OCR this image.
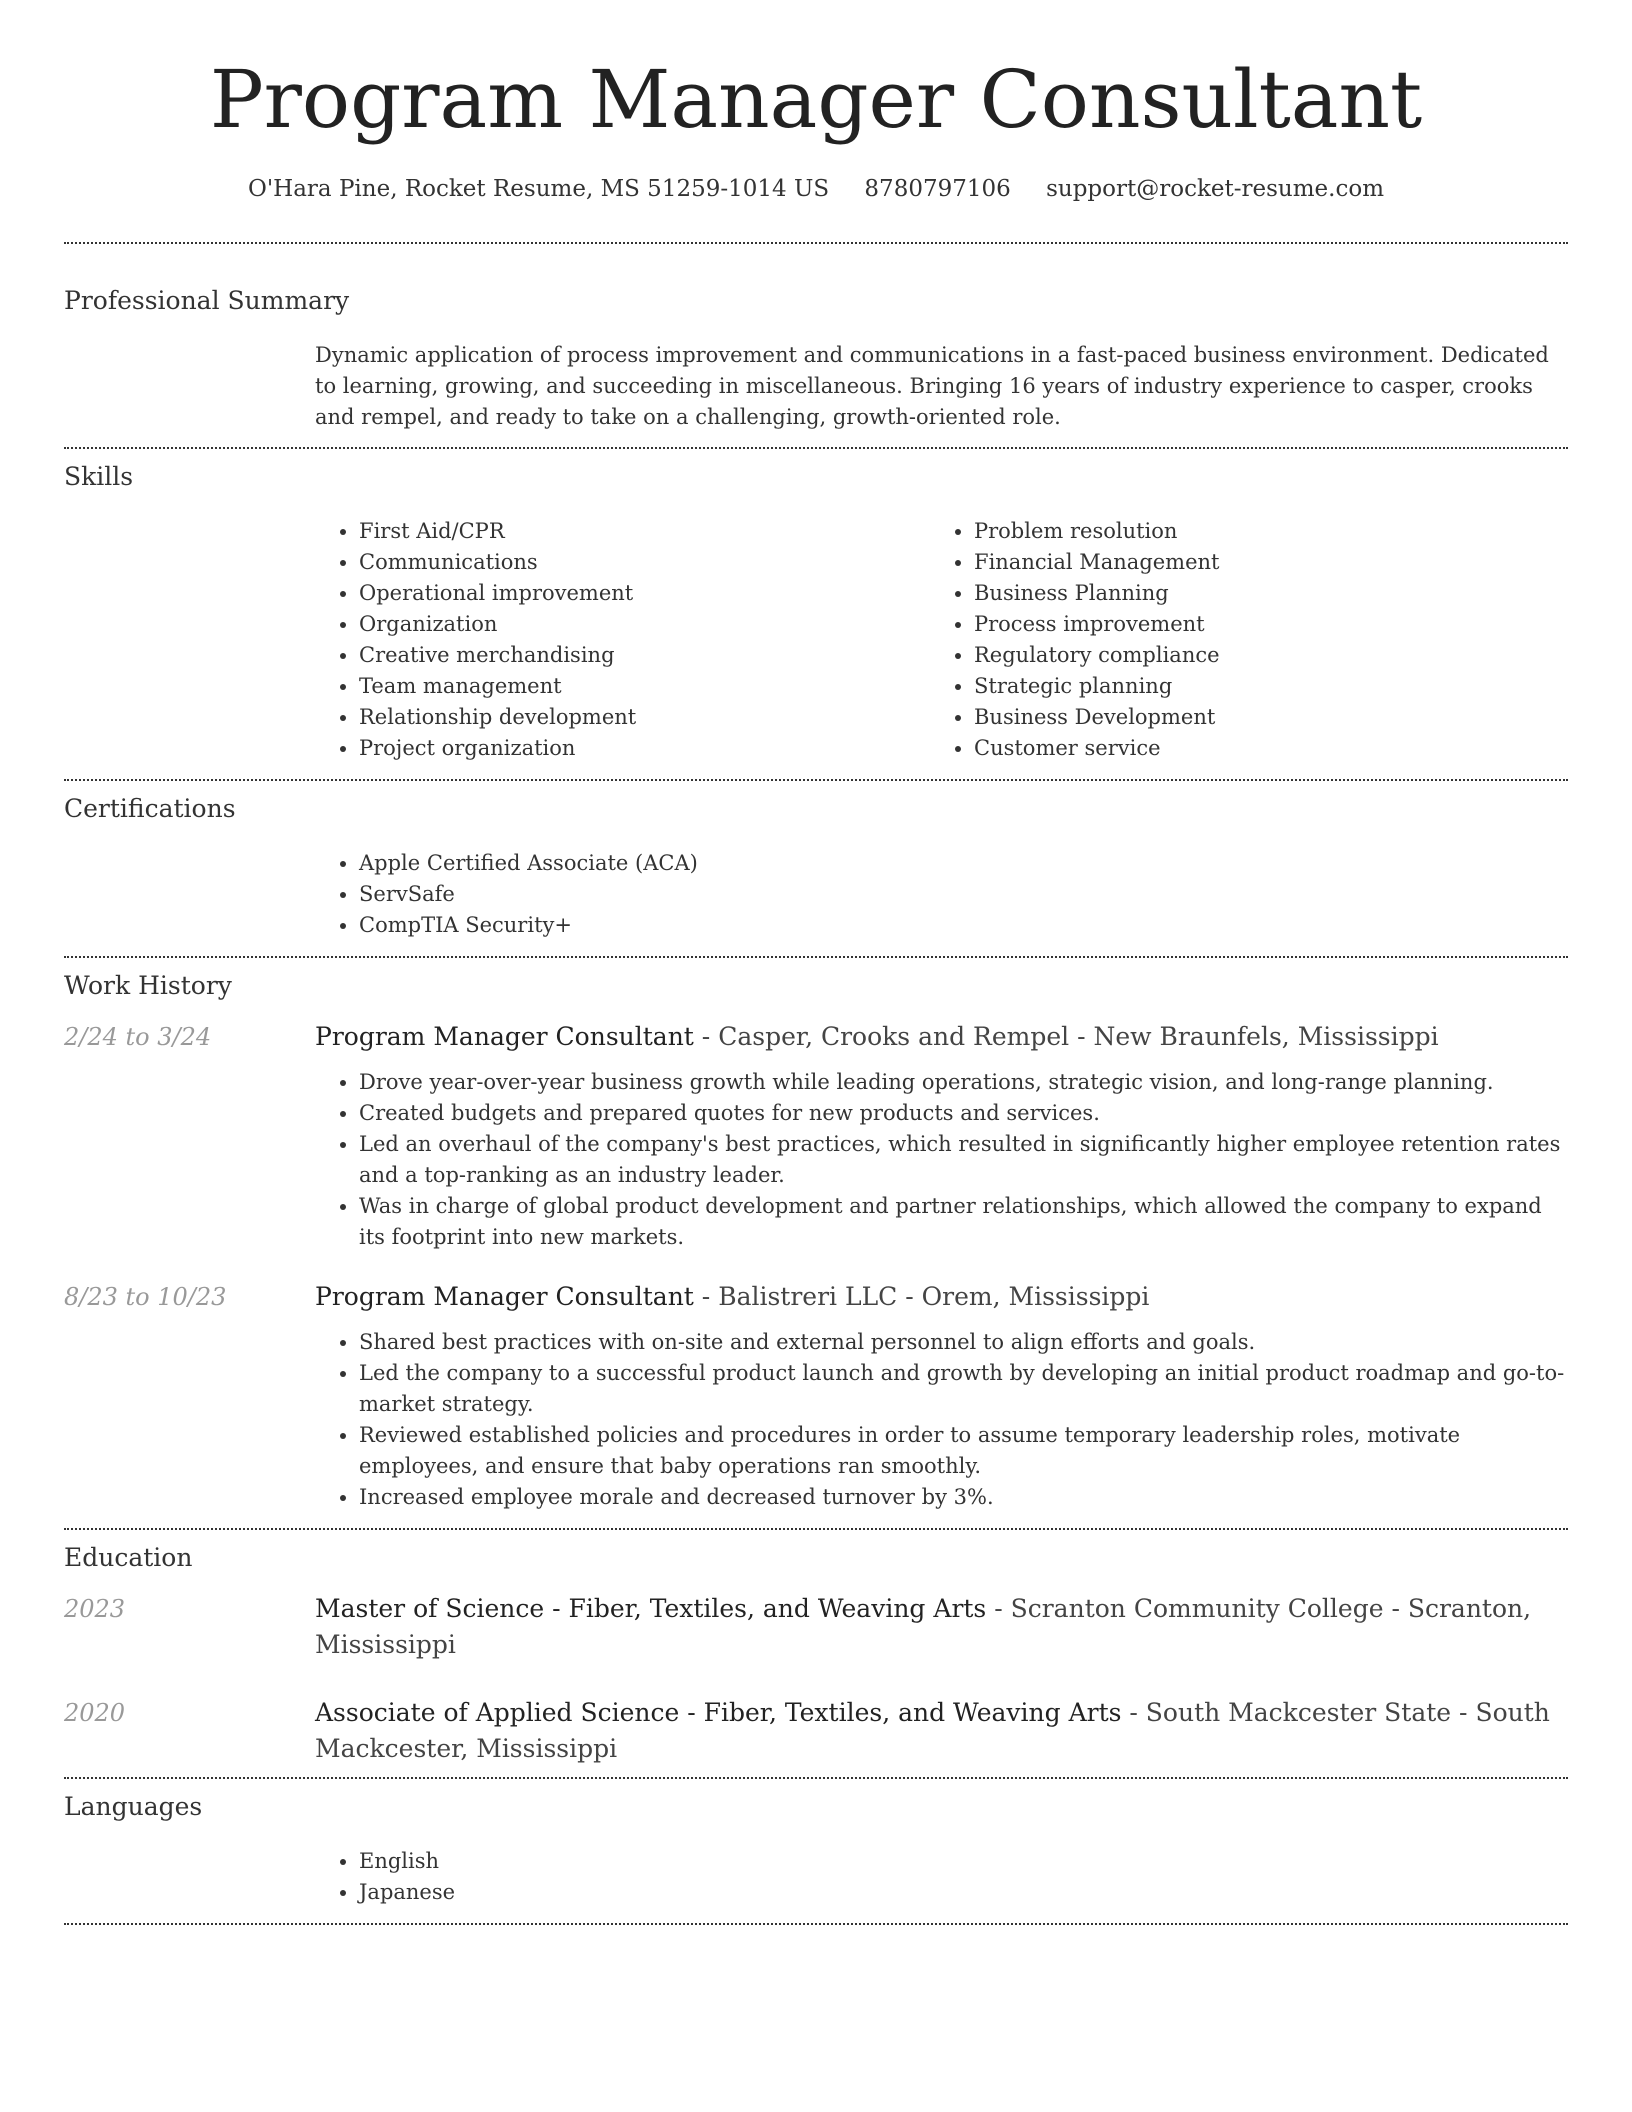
Program Manager Consultant
O'Hara Pine, Rocket Resume, MS 51259-1014 US 8780797106 support@rocket-resume.com
Professional Summary

Dynamic application of process improvement and communications in a fast-paced business environment. Dedicated to learning, growing, and succeeding in miscellaneous. Bringing 16 years of industry experience to casper, crooks and rempel, and ready to take on a challenging, growth-oriented role.

Skills
• First Aid/CPR
• Communications
• Operational improvement
• Organization
• Creative merchandising
• Team management
• Relationship development
• Project organization
• Problem resolution
• Financial Management
• Business Planning
• Process improvement
• Regulatory compliance
• Strategic planning
• Business Development
• Customer service
Certifications
• Apple Certified Associate (ACA)
• ServSafe
• CompTIA Security+
Work History
2/24 to 3/24	Program Manager Consultant - Casper, Crooks and Rempel - New Braunfels, Mississippi

• Drove year-over-year business growth while leading operations, strategic vision, and long-range planning.
• Created budgets and prepared quotes for new products and services.
• Led an overhaul of the company's best practices, which resulted in significantly higher employee retention rates and a top-ranking as an industry leader.
• Was in charge of global product development and partner relationships, which allowed the company to expand its footprint into new markets.
8/23 to 10/23	Program Manager Consultant - Balistreri LLC - Orem, Mississippi

• Shared best practices with on-site and external personnel to align efforts and goals.
• Led the company to a successful product launch and growth by developing an initial product roadmap and go-to-market strategy.
• Reviewed established policies and procedures in order to assume temporary leadership roles, motivate employees, and ensure that baby operations ran smoothly.
• Increased employee morale and decreased turnover by 3%.
Education
2023	Master of Science - Fiber, Textiles, and Weaving Arts - Scranton Community College - Scranton, Mississippi

2020	Associate of Applied Science - Fiber, Textiles, and Weaving Arts - South Mackcester State - South Mackcester, Mississippi

Languages
• English
• Japanese
